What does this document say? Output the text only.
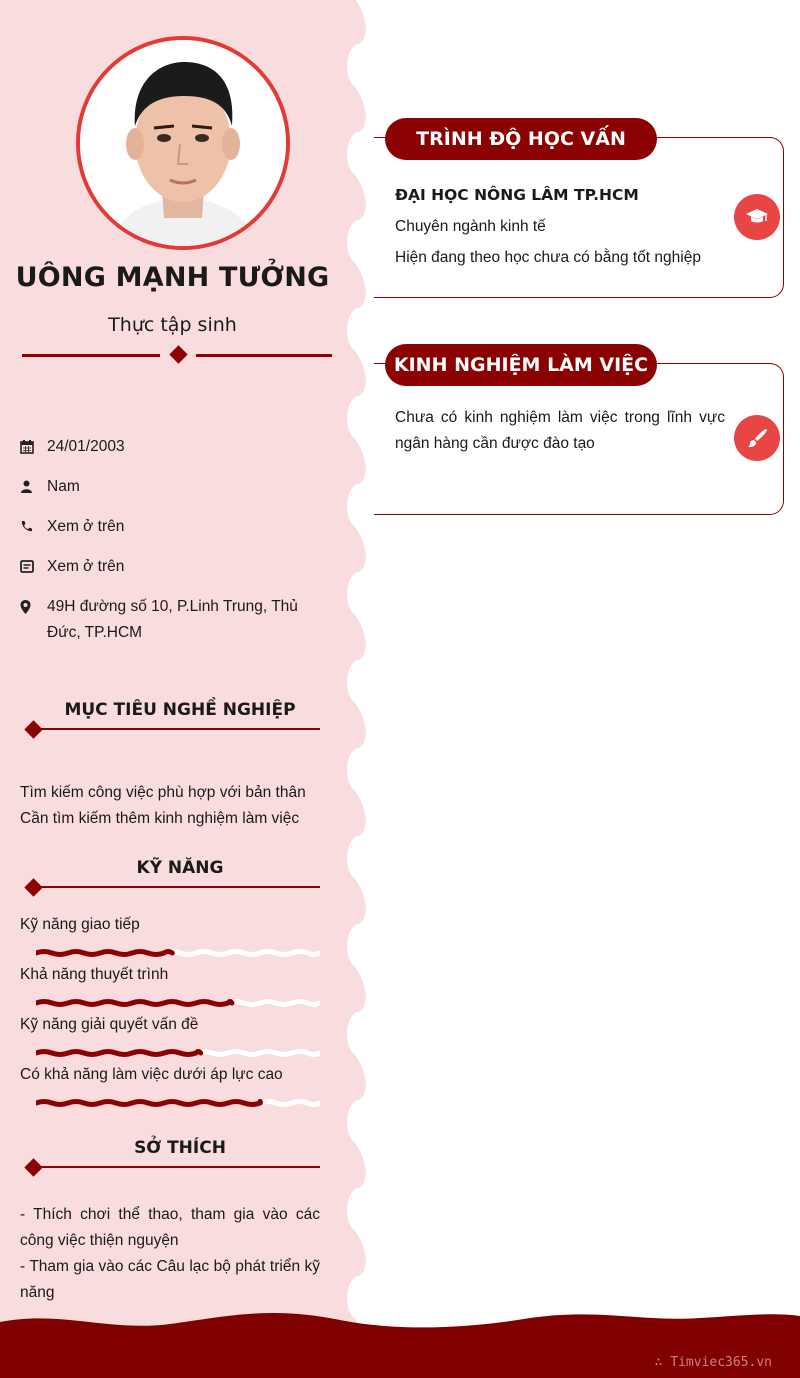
UÔNG MẠNH TƯỞNG
Thực tập sinh
24/01/2003
Nam
Xem ở trên
Xem ở trên
49H đường số 10, P.Linh Trung, Thủ Đức, TP.HCM
MỤC TIÊU NGHỀ NGHIỆP
Tìm kiếm công việc phù hợp với bản thân
Cần tìm kiếm thêm kinh nghiệm làm việc
KỸ NĂNG
Kỹ năng giao tiếp
Khả năng thuyết trình
Kỹ năng giải quyết vấn đề
Có khả năng làm việc dưới áp lực cao
SỞ THÍCH
- Thích chơi thể thao, tham gia vào các công việc thiện nguyện
- Tham gia vào các Câu lạc bộ phát triển kỹ năng
TRÌNH ĐỘ HỌC VẤN
ĐẠI HỌC NÔNG LÂM TP.HCM
Chuyên ngành kinh tế
Hiện đang theo học chưa có bằng tốt nghiệp
KINH NGHIỆM LÀM VIỆC
Chưa có kinh nghiệm làm việc trong lĩnh vực ngân hàng cần được đào tạo
∴ Timviec365.vn
